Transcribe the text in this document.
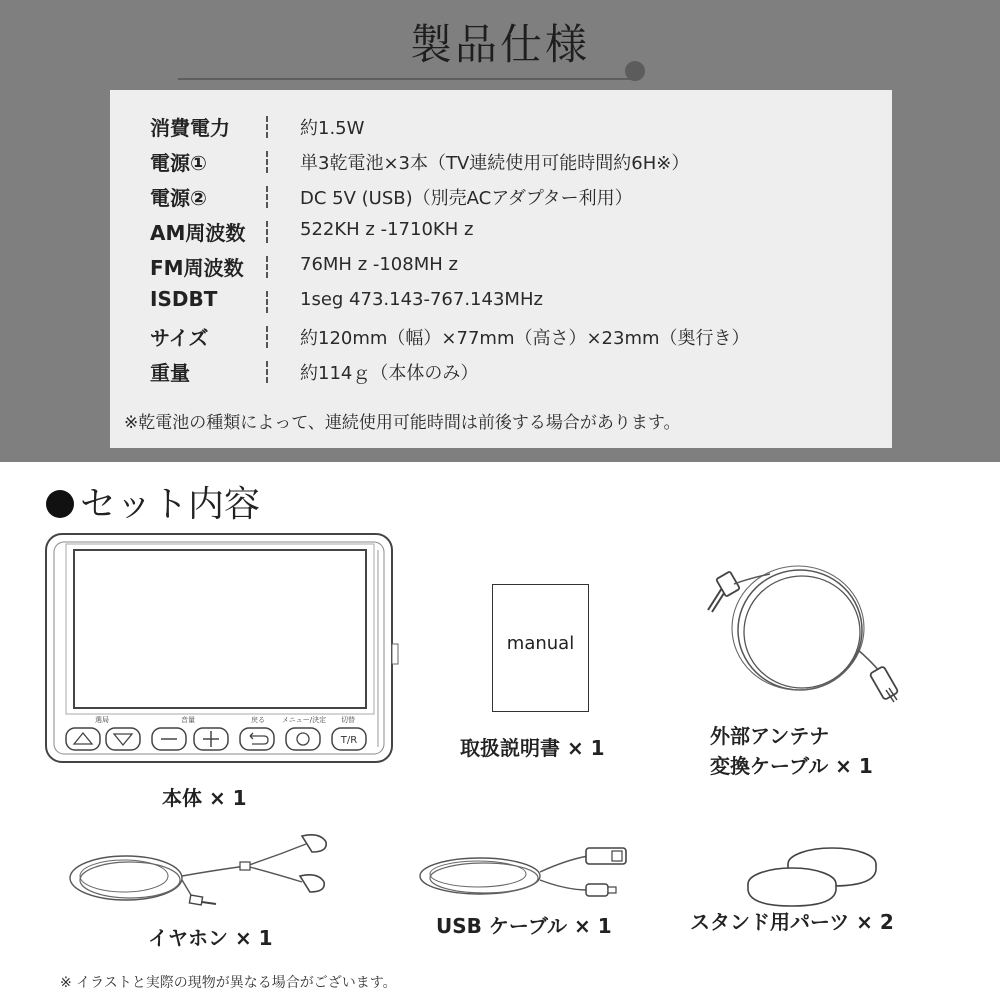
製品仕様
消費電力	約1.5W
電源①	単3乾電池×3本（TV連続使用可能時間約6H※）
電源②	DC 5V (USB)（別売ACアダプター利用）
AM周波数	522KH z -1710KH z
FM周波数	76MH z -108MH z
ISDBT	1seg 473.143-767.143MHz
サイズ	約120mm（幅）×77mm（高さ）×23mm（奥行き）
重量	約114ｇ（本体のみ）
※乾電池の種類によって、連続使用可能時間は前後する場合があります。
セット内容
選局	音量	戻る メニュー/決定 切替
T/R
本体 × 1
manual
取扱説明書 × 1	外部アンテナ
変換ケーブル × 1
イヤホン × 1	USB ケーブル × 1	スタンド用パーツ × 2
※ イラストと実際の現物が異なる場合がございます。
